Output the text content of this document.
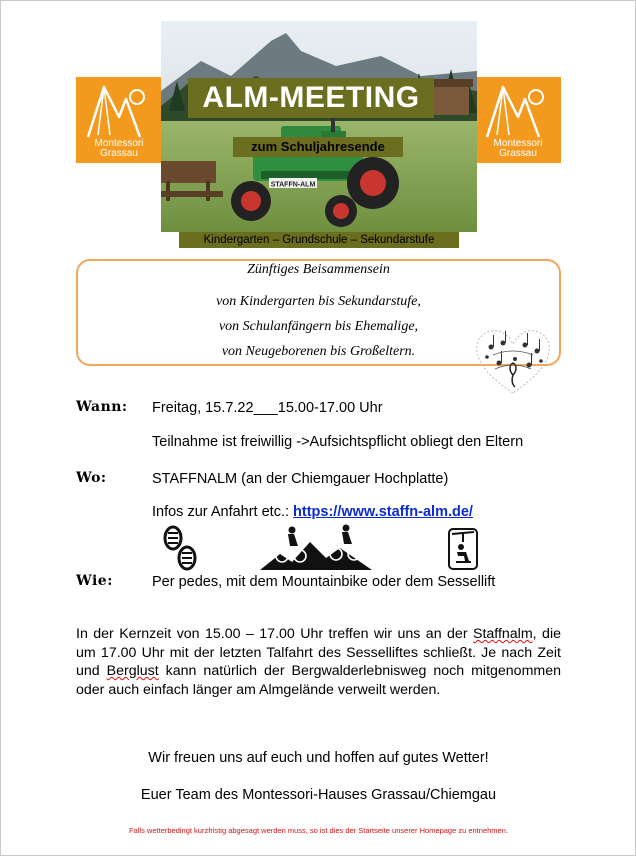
Montessori
Grassau
Montessori
Grassau
STAFFN-ALM
ALM-MEETING
zum Schuljahresende
Kindergarten – Grundschule – Sekundarstufe
Zünftiges Beisammensein
von Kindergarten bis Sekundarstufe,
von Schulanfängern bis Ehemalige,
von Neugeborenen bis Großeltern.
Wann: Freitag, 15.7.22___15.00-17.00 Uhr
Teilnahme ist freiwillig ->Aufsichtspflicht obliegt den Eltern
Wo:	STAFFNALM (an der Chiemgauer Hochplatte)
Infos zur Anfahrt etc.: https://www.staffn-alm.de/
Wie:	Per pedes, mit dem Mountainbike oder dem Sessellift
In der Kernzeit von 15.00 – 17.00 Uhr treffen wir uns an der Staffnalm, die um 17.00 Uhr mit der letzten Talfahrt des Sesselliftes schließt. Je nach Zeit und Berglust kann natürlich der Bergwalderlebnisweg noch mitgenommen oder auch einfach länger am Almgelände verweilt werden.
Wir freuen uns auf euch und hoffen auf gutes Wetter!
Euer Team des Montessori-Hauses Grassau/Chiemgau
Falls wetterbedingt kurzfristig abgesagt werden muss, so ist dies der Startseite unserer Homepage zu entnehmen.
